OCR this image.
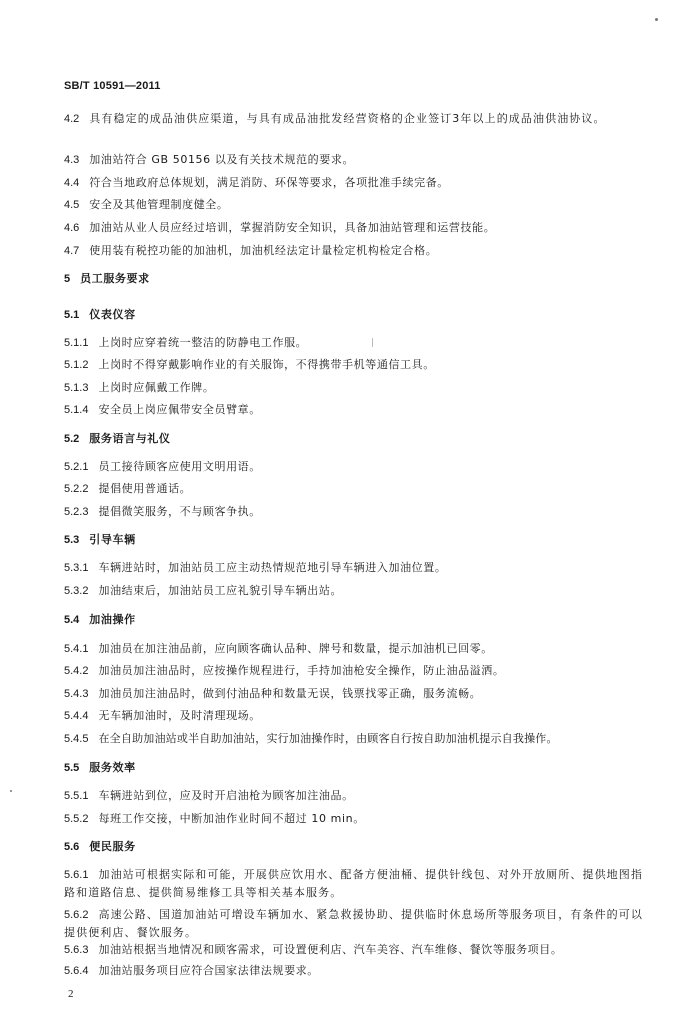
SB/T 10591—2011
4.2 具有稳定的成品油供应渠道，与具有成品油批发经营资格的企业签订3年以上的成品油供油协议。
4.3 加油站符合 GB 50156 以及有关技术规范的要求。
4.4 符合当地政府总体规划，满足消防、环保等要求，各项批准手续完备。
4.5 安全及其他管理制度健全。
4.6 加油站从业人员应经过培训，掌握消防安全知识，具备加油站管理和运营技能。
4.7 使用装有税控功能的加油机，加油机经法定计量检定机构检定合格。
5 员工服务要求
5.1 仪表仪容
5.1.1 上岗时应穿着统一整洁的防静电工作服。
5.1.2 上岗时不得穿戴影响作业的有关服饰，不得携带手机等通信工具。
5.1.3 上岗时应佩戴工作牌。
5.1.4 安全员上岗应佩带安全员臂章。
5.2 服务语言与礼仪
5.2.1 员工接待顾客应使用文明用语。
5.2.2 提倡使用普通话。
5.2.3 提倡微笑服务，不与顾客争执。
5.3 引导车辆
5.3.1 车辆进站时，加油站员工应主动热情规范地引导车辆进入加油位置。
5.3.2 加油结束后，加油站员工应礼貌引导车辆出站。
5.4 加油操作
5.4.1 加油员在加注油品前，应向顾客确认品种、牌号和数量，提示加油机已回零。
5.4.2 加油员加注油品时，应按操作规程进行，手持加油枪安全操作，防止油品溢洒。
5.4.3 加油员加注油品时，做到付油品种和数量无误，钱票找零正确，服务流畅。
5.4.4 无车辆加油时，及时清理现场。
5.4.5 在全自助加油站或半自助加油站，实行加油操作时，由顾客自行按自助加油机提示自我操作。
5.5 服务效率
5.5.1 车辆进站到位，应及时开启油枪为顾客加注油品。
5.5.2 每班工作交接，中断加油作业时间不超过 10 min。
5.6 便民服务
5.6.1 加油站可根据实际和可能，开展供应饮用水、配备方便油桶、提供针线包、对外开放厕所、提供地图指路和道路信息、提供简易维修工具等相关基本服务。
5.6.2 高速公路、国道加油站可增设车辆加水、紧急救援协助、提供临时休息场所等服务项目，有条件的可以提供便利店、餐饮服务。
5.6.3 加油站根据当地情况和顾客需求，可设置便利店、汽车美容、汽车维修、餐饮等服务项目。
5.6.4 加油站服务项目应符合国家法律法规要求。
2
